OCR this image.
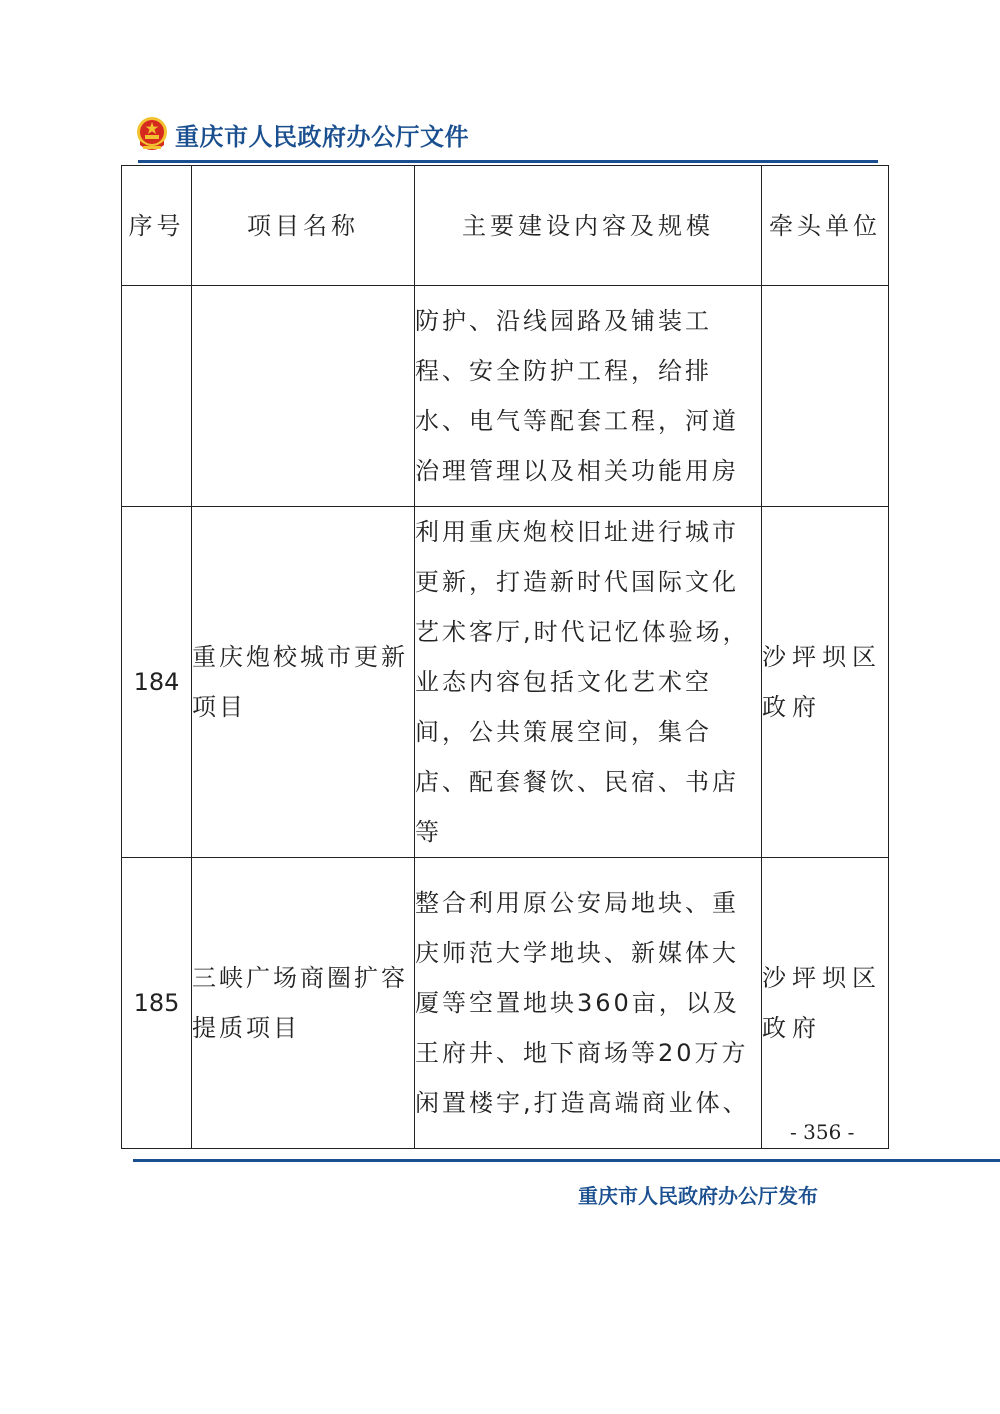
重庆市人民政府办公厅文件
序号	项目名称	主要建设内容及规模	牵头单位
		防护、沿线园路及铺装工程、安全防护工程，给排水、电气等配套工程，河道治理管理以及相关功能用房	
184	重庆炮校城市更新项目	利用重庆炮校旧址进行城市更新，打造新时代国际文化艺术客厅,时代记忆体验场，业态内容包括文化艺术空间，公共策展空间，集合店、配套餐饮、民宿、书店等	沙坪坝区政府
185	三峡广场商圈扩容提质项目	整合利用原公安局地块、重庆师范大学地块、新媒体大厦等空置地块360亩，以及王府井、地下商场等20万方闲置楼宇,打造高端商业体、	沙坪坝区政府
- 356 -
重庆市人民政府办公厅发布
